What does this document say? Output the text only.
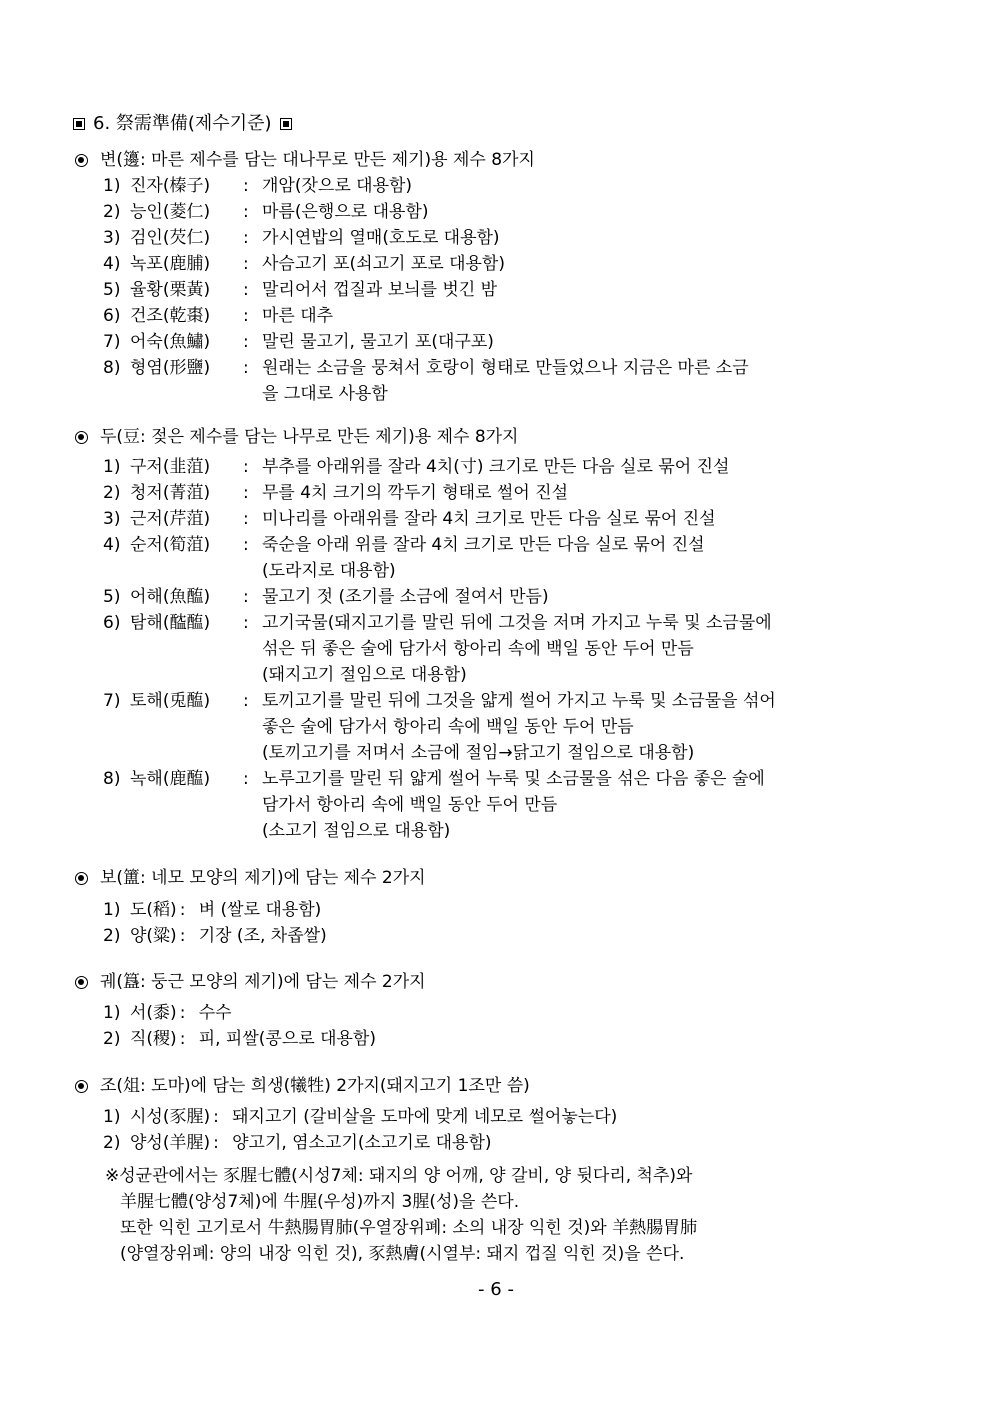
6. 祭需準備(제수기준)
변(籩: 마른 제수를 담는 대나무로 만든 제기)용 제수 8가지
1) 진자(榛子)	: 개암(잣으로 대용함)
2) 능인(菱仁)	: 마름(은행으로 대용함)
3) 검인(芡仁)	: 가시연밥의 열매(호도로 대용함)
4) 녹포(鹿脯)	: 사슴고기 포(쇠고기 포로 대용함)
5) 율황(栗黃)	: 말리어서 껍질과 보늬를 벗긴 밤
6) 건조(乾棗)	: 마른 대추
7) 어숙(魚鱐)	: 말린 물고기, 물고기 포(대구포)
8) 형염(形鹽)	: 원래는 소금을 뭉쳐서 호랑이 형태로 만들었으나 지금은 마른 소금
을 그대로 사용함
두(豆: 젖은 제수를 담는 나무로 만든 제기)용 제수 8가지
1) 구저(韭菹)	: 부추를 아래위를 잘라 4치(寸) 크기로 만든 다음 실로 묶어 진설
2) 청저(菁菹)	: 무를 4치 크기의 깍두기 형태로 썰어 진설
3) 근저(芹菹)	: 미나리를 아래위를 잘라 4치 크기로 만든 다음 실로 묶어 진설
4) 순저(筍菹)	: 죽순을 아래 위를 잘라 4치 크기로 만든 다음 실로 묶어 진설
(도라지로 대용함)
5) 어해(魚醢)	: 물고기 젓 (조기를 소금에 절여서 만듬)
6) 탐해(醓醢)	: 고기국물(돼지고기를 말린 뒤에 그것을 저며 가지고 누룩 및 소금물에
섞은 뒤 좋은 술에 담가서 항아리 속에 백일 동안 두어 만듬
(돼지고기 절임으로 대용함)
7) 토해(兎醢)	: 토끼고기를 말린 뒤에 그것을 얇게 썰어 가지고 누룩 및 소금물을 섞어
좋은 술에 담가서 항아리 속에 백일 동안 두어 만듬
(토끼고기를 저며서 소금에 절임→닭고기 절임으로 대용함)
8) 녹해(鹿醢)	: 노루고기를 말린 뒤 얇게 썰어 누룩 및 소금물을 섞은 다음 좋은 술에
담가서 항아리 속에 백일 동안 두어 만듬
(소고기 절임으로 대용함)
보(簠: 네모 모양의 제기)에 담는 제수 2가지
1) 도(稻) : 벼 (쌀로 대용함)
2) 양(粱) : 기장 (조, 차좁쌀)
궤(簋: 둥근 모양의 제기)에 담는 제수 2가지
1) 서(黍) : 수수
2) 직(稷) : 피, 피쌀(콩으로 대용함)
조(俎: 도마)에 담는 희생(犧牲) 2가지(돼지고기 1조만 씀)
1) 시성(豕腥) : 돼지고기 (갈비살을 도마에 맞게 네모로 썰어놓는다)
2) 양성(羊腥) : 양고기, 염소고기(소고기로 대용함)
※성균관에서는 豕腥七體(시성7체: 돼지의 양 어깨, 양 갈비, 양 뒷다리, 척추)와
羊腥七體(양성7체)에 牛腥(우성)까지 3腥(성)을 쓴다.
또한 익힌 고기로서 牛熱腸胃肺(우열장위폐: 소의 내장 익힌 것)와 羊熱腸胃肺
(양열장위폐: 양의 내장 익힌 것), 豕熱膚(시열부: 돼지 껍질 익힌 것)을 쓴다.
- 6 -
